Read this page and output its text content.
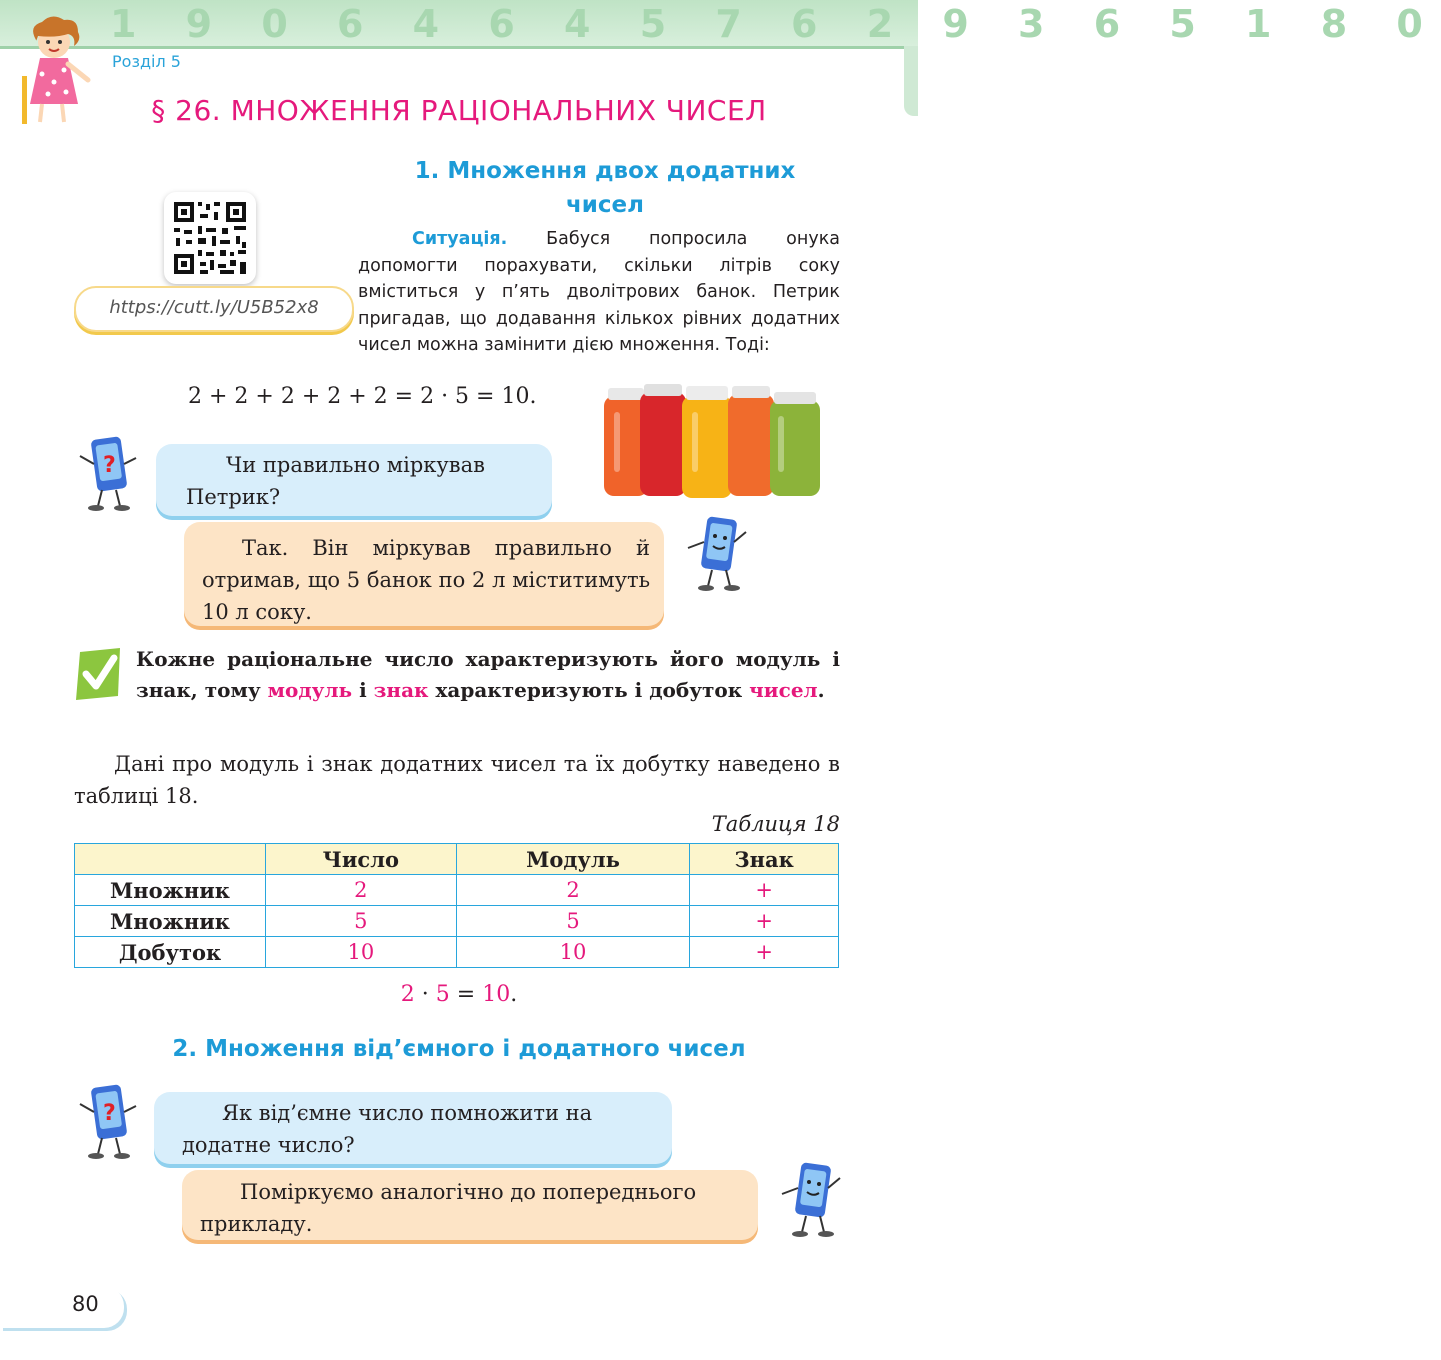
1 9 0 6 4 6 4 5 7 6 2 9 3 6 5 1 8 0
Розділ 5
§ 26. МНОЖЕННЯ РАЦІОНАЛЬНИХ ЧИСЕЛ
1. Множення двох додатних
чисел
https://cutt.ly/U5B52x8
Ситуація. Бабуся попросила онука допомогти порахувати, скільки літрів соку вміститься у п’ять дволітрових банок. Петрик пригадав, що додавання кількох рівних додатних чисел можна замінити дією множення. Тоді:
2 + 2 + 2 + 2 + 2 = 2 · 5 = 10.
?	Чи правильно міркував Петрик?
Так. Він міркував правильно й отримав, що 5 банок по 2 л міститимуть 10 л соку.
Кожне раціональне число характеризують його модуль і знак, тому модуль і знак характеризують і добуток чисел.
Дані про модуль і знак додатних чисел та їх добутку наведено в таблиці 18.
Таблиця 18
	Число	Модуль	Знак
Множник	2	2	+
Множник	5	5	+
Добуток	10	10	+
2 · 5 = 10.
2. Множення від’ємного і додатного чисел
?	Як від’ємне число помножити на додатне число?
Поміркуємо аналогічно до попереднього прикладу.
80
